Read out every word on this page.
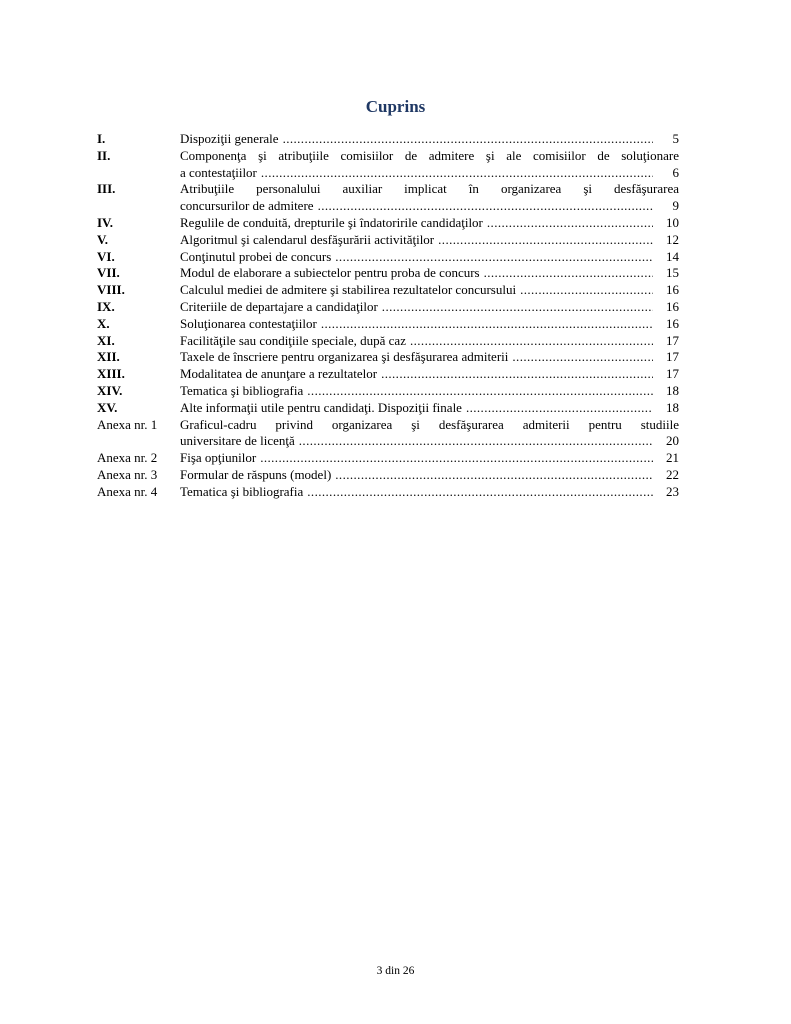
Cuprins
I.	Dispoziţii generale .....	5
II.	Componenţa şi atribuţiile comisiilor de admitere şi ale comisiilor de soluţionare
a contestaţiilor .....	6
III.	Atribuţiile personalului auxiliar implicat în organizarea şi desfăşurarea
concursurilor de admitere .....	9
IV.	Regulile de conduită, drepturile şi îndatoririle candidaţilor .....	10
V.	Algoritmul şi calendarul desfăşurării activităţilor .....	12
VI.	Conţinutul probei de concurs .....	14
VII.	Modul de elaborare a subiectelor pentru proba de concurs .....	15
VIII.	Calculul mediei de admitere şi stabilirea rezultatelor concursului .....	16
IX.	Criteriile de departajare a candidaţilor .....	16
X.	Soluţionarea contestaţiilor .....	16
XI.	Facilităţile sau condiţiile speciale, după caz .....	17
XII.	Taxele de înscriere pentru organizarea şi desfăşurarea admiterii .....	17
XIII.	Modalitatea de anunţare a rezultatelor .....	17
XIV.	Tematica şi bibliografia .....	18
XV.	Alte informaţii utile pentru candidaţi. Dispoziţii finale .....	18
Anexa nr. 1	Graficul-cadru privind organizarea şi desfăşurarea admiterii pentru studiile
universitare de licenţă .....	20
Anexa nr. 2	Fişa opţiunilor .....	21
Anexa nr. 3	Formular de răspuns (model) .....	22
Anexa nr. 4	Tematica şi bibliografia .....	23
3 din 26
